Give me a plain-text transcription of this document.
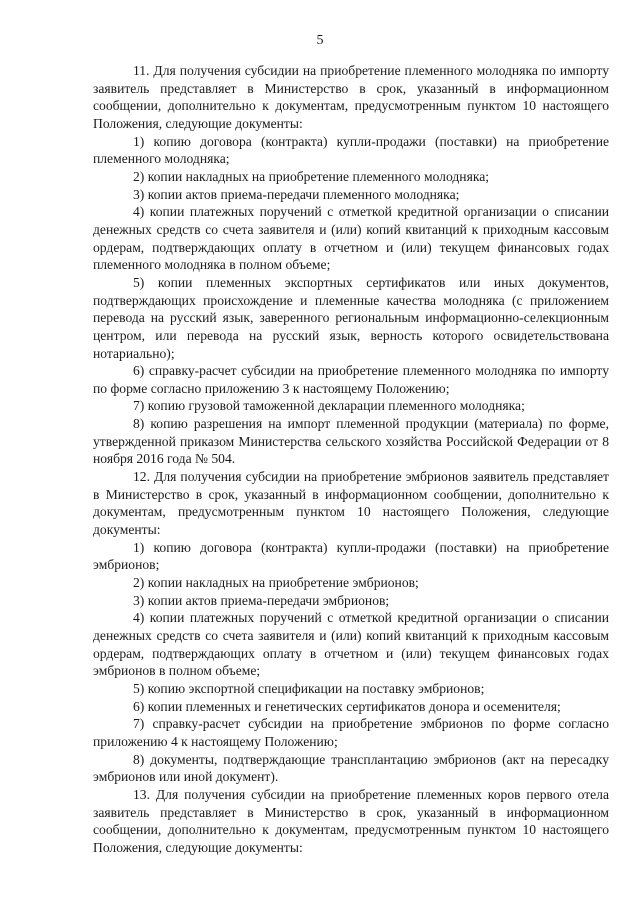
5

11. Для получения субсидии на приобретение племенного молодняка по импорту заявитель представляет в Министерство в срок, указанный в информационном сообщении, дополнительно к документам, предусмотренным пунктом 10 настоящего Положения, следующие документы:

1) копию договора (контракта) купли-продажи (поставки) на приобретение племенного молодняка;

2) копии накладных на приобретение племенного молодняка;

3) копии актов приема-передачи племенного молодняка;

4) копии платежных поручений с отметкой кредитной организации о списании денежных средств со счета заявителя и (или) копий квитанций к приходным кассовым ордерам, подтверждающих оплату в отчетном и (или) текущем финансовых годах племенного молодняка в полном объеме;

5) копии племенных экспортных сертификатов или иных документов, подтверждающих происхождение и племенные качества молодняка (с приложением перевода на русский язык, заверенного региональным информационно-селекционным центром, или перевода на русский язык, верность которого освидетельствована нотариально);

6) справку-расчет субсидии на приобретение племенного молодняка по импорту по форме согласно приложению 3 к настоящему Положению;

7) копию грузовой таможенной декларации племенного молодняка;

8) копию разрешения на импорт племенной продукции (материала) по форме, утвержденной приказом Министерства сельского хозяйства Российской Федерации от 8 ноября 2016 года № 504.

12. Для получения субсидии на приобретение эмбрионов заявитель представляет в Министерство в срок, указанный в информационном сообщении, дополнительно к документам, предусмотренным пунктом 10 настоящего Положения, следующие документы:

1) копию договора (контракта) купли-продажи (поставки) на приобретение эмбрионов;

2) копии накладных на приобретение эмбрионов;

3) копии актов приема-передачи эмбрионов;

4) копии платежных поручений с отметкой кредитной организации о списании денежных средств со счета заявителя и (или) копий квитанций к приходным кассовым ордерам, подтверждающих оплату в отчетном и (или) текущем финансовых годах эмбрионов в полном объеме;

5) копию экспортной спецификации на поставку эмбрионов;

6) копии племенных и генетических сертификатов донора и осеменителя;

7) справку-расчет субсидии на приобретение эмбрионов по форме согласно приложению 4 к настоящему Положению;

8) документы, подтверждающие трансплантацию эмбрионов (акт на пересадку эмбрионов или иной документ).

13. Для получения субсидии на приобретение племенных коров первого отела заявитель представляет в Министерство в срок, указанный в информационном сообщении, дополнительно к документам, предусмотренным пунктом 10 настоящего Положения, следующие документы:
